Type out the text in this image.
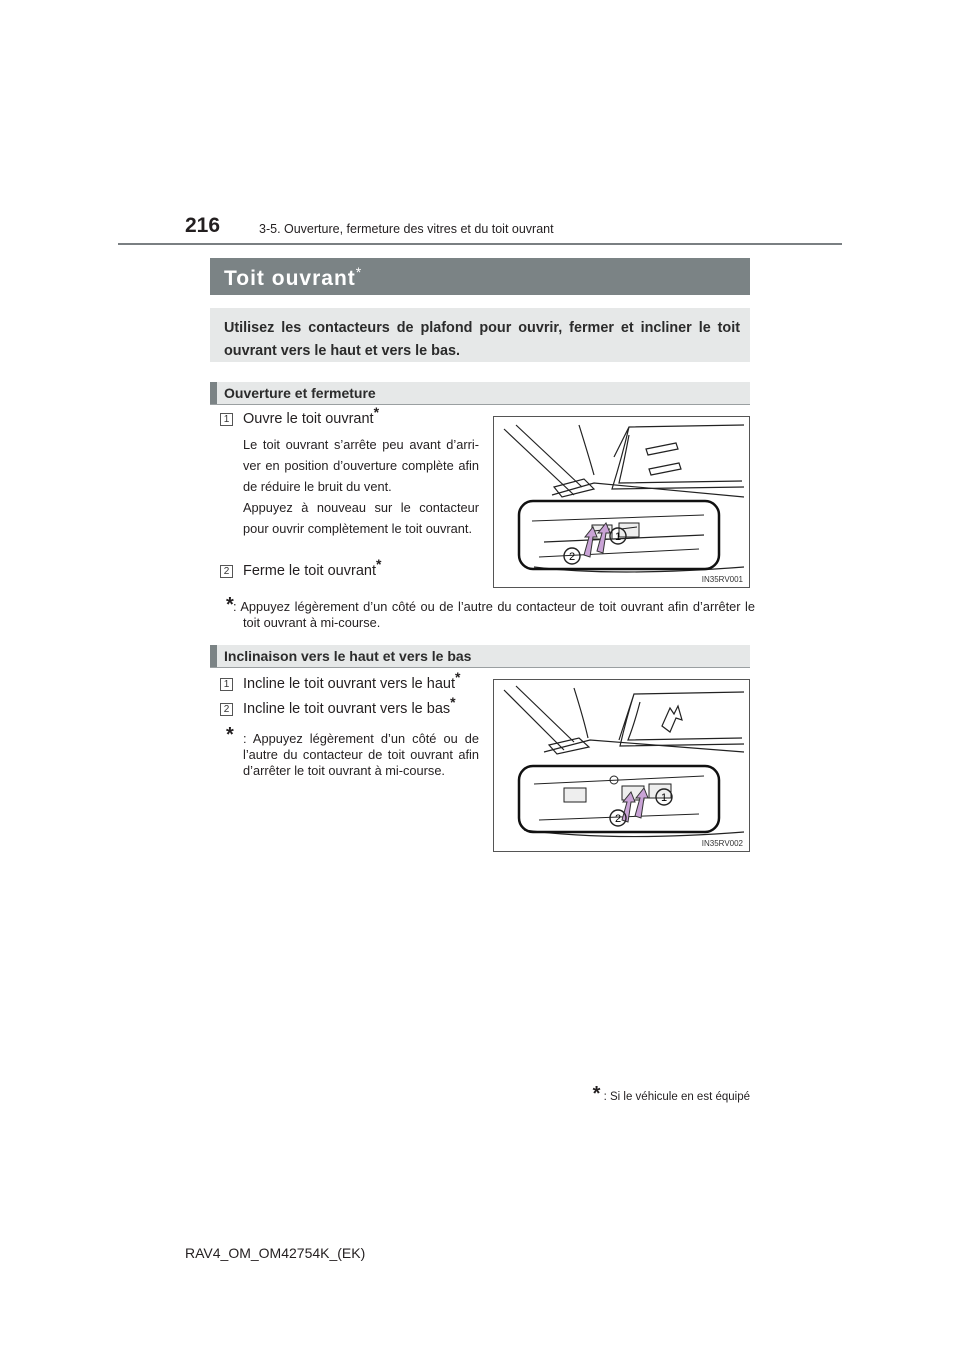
216	3-5. Ouverture, fermeture des vitres et du toit ouvrant
Toit ouvrant*
Utilisez les contacteurs de plafond pour ouvrir, fermer et incliner le toit ouvrant vers le haut et vers le bas.
Ouverture et fermeture
1 Ouvre le toit ouvrant*
Le toit ouvrant s’arrête peu avant d’arri-ver en position d’ouverture complète afin de réduire le bruit du vent.
Appuyez à nouveau sur le contacteur pour ouvrir complètement le toit ouvrant.
2 Ferme le toit ouvrant*
1
2
IN35RV001
* : Appuyez légèrement d’un côté ou de l’autre du contacteur de toit ouvrant afin d’arrêter le toit ouvrant à mi-course.
Inclinaison vers le haut et vers le bas
1 Incline le toit ouvrant vers le haut*
2 Incline le toit ouvrant vers le bas*
* : Appuyez légèrement d’un côté ou de l’autre du contacteur de toit ouvrant afin d’arrêter le toit ouvrant à mi-course.
1
2
IN35RV002
* : Si le véhicule en est équipé
RAV4_OM_OM42754K_(EK)
